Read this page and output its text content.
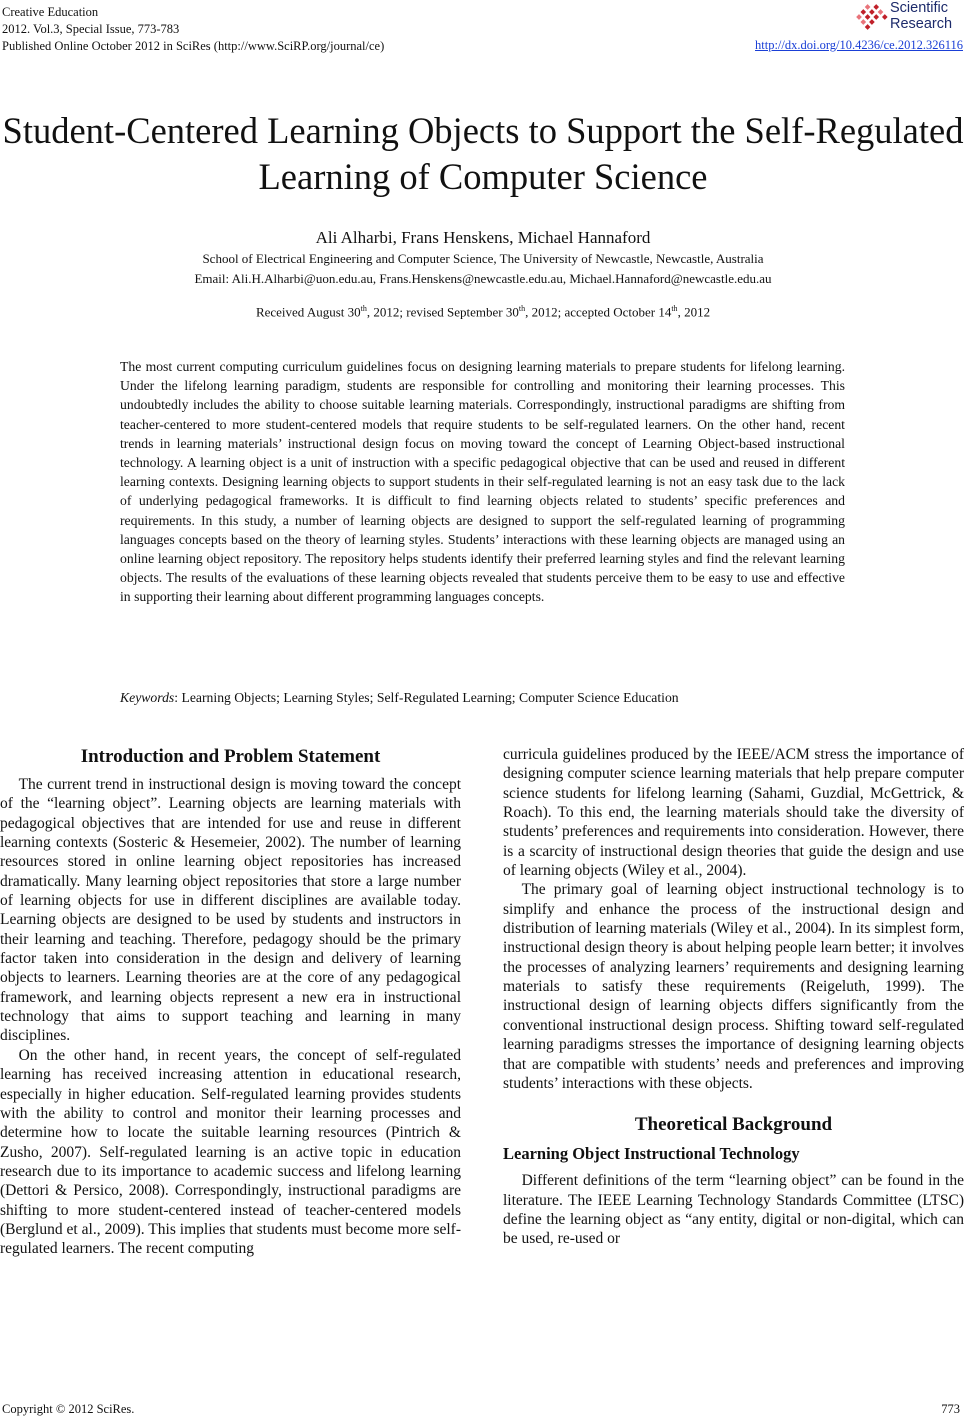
Creative Education
2012. Vol.3, Special Issue, 773-783
Published Online October 2012 in SciRes (http://www.SciRP.org/journal/ce)	http://dx.doi.org/10.4236/ce.2012.326116
Scientific
Research
Student-Centered Learning Objects to Support the Self-Regulated
Learning of Computer Science
Ali Alharbi, Frans Henskens, Michael Hannaford
School of Electrical Engineering and Computer Science, The University of Newcastle, Newcastle, Australia
Email: Ali.H.Alharbi@uon.edu.au, Frans.Henskens@newcastle.edu.au, Michael.Hannaford@newcastle.edu.au
Received August 30th, 2012; revised September 30th, 2012; accepted October 14th, 2012
The most current computing curriculum guidelines focus on designing learning materials to prepare students for lifelong learning. Under the lifelong learning paradigm, students are responsible for controlling and monitoring their learning processes. This undoubtedly includes the ability to choose suitable learning materials. Correspondingly, instructional paradigms are shifting from teacher-centered to more student-centered models that require students to be self-regulated learners. On the other hand, recent trends in learning materials’ instructional design focus on moving toward the concept of Learning Object-based instructional technology. A learning object is a unit of instruction with a specific pedagogical objective that can be used and reused in different learning contexts. Designing learning objects to support students in their self-regulated learning is not an easy task due to the lack of underlying pedagogical frameworks. It is difficult to find learning objects related to students’ specific preferences and requirements. In this study, a number of learning objects are designed to support the self-regulated learning of programming languages concepts based on the theory of learning styles. Students’ interactions with these learning objects are managed using an online learning object repository. The repository helps students identify their preferred learning styles and find the relevant learning objects. The results of the evaluations of these learning objects revealed that students perceive them to be easy to use and effective in supporting their learning about different programming languages concepts.
Keywords: Learning Objects; Learning Styles; Self-Regulated Learning; Computer Science Education
Introduction and Problem Statement

The current trend in instructional design is moving toward the concept of the “learning object”. Learning objects are learning materials with pedagogical objectives that are intended for use and reuse in different learning contexts (Sosteric & Hesemeier, 2002). The number of learning resources stored in online learning object repositories has increased dramatically. Many learning object repositories that store a large number of learning objects for use in different disciplines are available today. Learning objects are designed to be used by students and instructors in their learning and teaching. Therefore, pedagogy should be the primary factor taken into consideration in the design and delivery of learning objects to learners. Learning theories are at the core of any pedagogical framework, and learning objects represent a new era in instructional technology that aims to support teaching and learning in many disciplines.

On the other hand, in recent years, the concept of self-regulated learning has received increasing attention in educational research, especially in higher education. Self-regulated learning provides students with the ability to control and monitor their learning processes and determine how to locate the suitable learning resources (Pintrich & Zusho, 2007). Self-regulated learning is an active topic in education research due to its importance to academic success and lifelong learning (Dettori & Persico, 2008). Correspondingly, instructional paradigms are shifting to more student-centered instead of teacher-centered models (Berglund et al., 2009). This implies that students must become more self-regulated learners. The recent computing

curricula guidelines produced by the IEEE/ACM stress the importance of designing computer science learning materials that help prepare computer science students for lifelong learning (Sahami, Guzdial, McGettrick, & Roach). To this end, the learning materials should take the diversity of students’ preferences and requirements into consideration. However, there is a scarcity of instructional design theories that guide the design and use of learning objects (Wiley et al., 2004).

The primary goal of learning object instructional technology is to simplify and enhance the process of the instructional design and distribution of learning materials (Wiley et al., 2004). In its simplest form, instructional design theory is about helping people learn better; it involves the processes of analyzing learners’ requirements and designing learning materials to satisfy these requirements (Reigeluth, 1999). The instructional design of learning objects differs significantly from the conventional instructional design process. Shifting toward self-regulated learning paradigms stresses the importance of designing learning objects that are compatible with students’ needs and preferences and improving students’ interactions with these objects.

Theoretical Background
Learning Object Instructional Technology

Different definitions of the term “learning object” can be found in the literature. The IEEE Learning Technology Standards Committee (LTSC) define the learning object as “any entity, digital or non-digital, which can be used, re-used or

Copyright © 2012 SciRes.	773
